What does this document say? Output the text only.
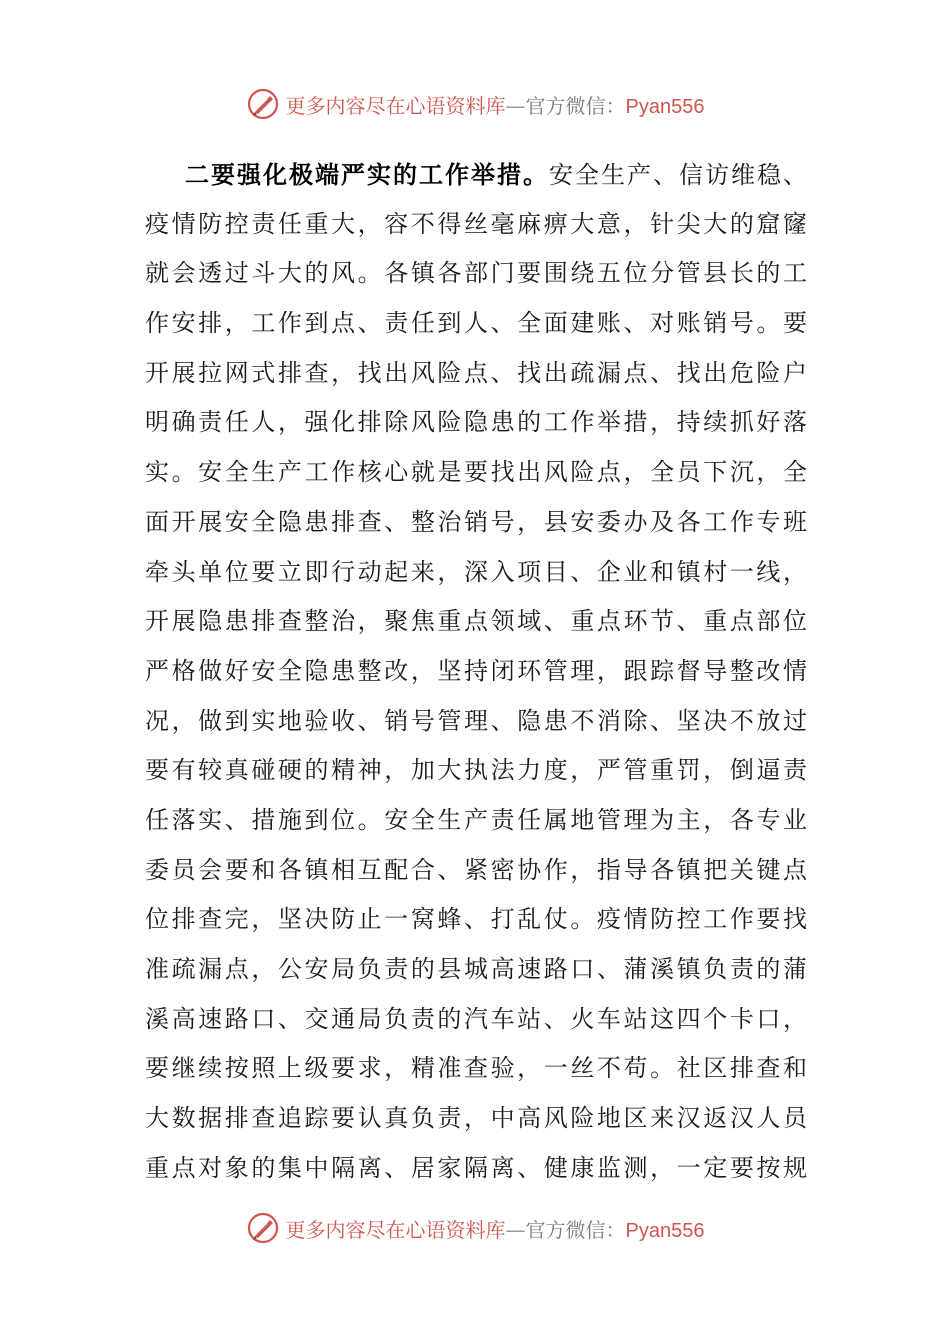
更多内容尽在心语资料库 — 官方微信： Pyan556
二要强化极端严实的工作举措。安全生产、信访维稳、
疫情防控责任重大，容不得丝毫麻痹大意，针尖大的窟窿
就会透过斗大的风。各镇各部门要围绕五位分管县长的工
作安排，工作到点、责任到人、全面建账、对账销号。要
开展拉网式排查，找出风险点、找出疏漏点、找出危险户
明确责任人，强化排除风险隐患的工作举措，持续抓好落
实。安全生产工作核心就是要找出风险点，全员下沉，全
面开展安全隐患排查、整治销号，县安委办及各工作专班
牵头单位要立即行动起来，深入项目、企业和镇村一线，
开展隐患排查整治，聚焦重点领域、重点环节、重点部位
严格做好安全隐患整改，坚持闭环管理，跟踪督导整改情
况，做到实地验收、销号管理、隐患不消除、坚决不放过
要有较真碰硬的精神，加大执法力度，严管重罚，倒逼责
任落实、措施到位。安全生产责任属地管理为主，各专业
委员会要和各镇相互配合、紧密协作，指导各镇把关键点
位排查完，坚决防止一窝蜂、打乱仗。疫情防控工作要找
准疏漏点，公安局负责的县城高速路口、蒲溪镇负责的蒲
溪高速路口、交通局负责的汽车站、火车站这四个卡口，
要继续按照上级要求，精准查验，一丝不苟。社区排查和
大数据排查追踪要认真负责，中高风险地区来汉返汉人员
重点对象的集中隔离、居家隔离、健康监测，一定要按规
更多内容尽在心语资料库 — 官方微信： Pyan556
